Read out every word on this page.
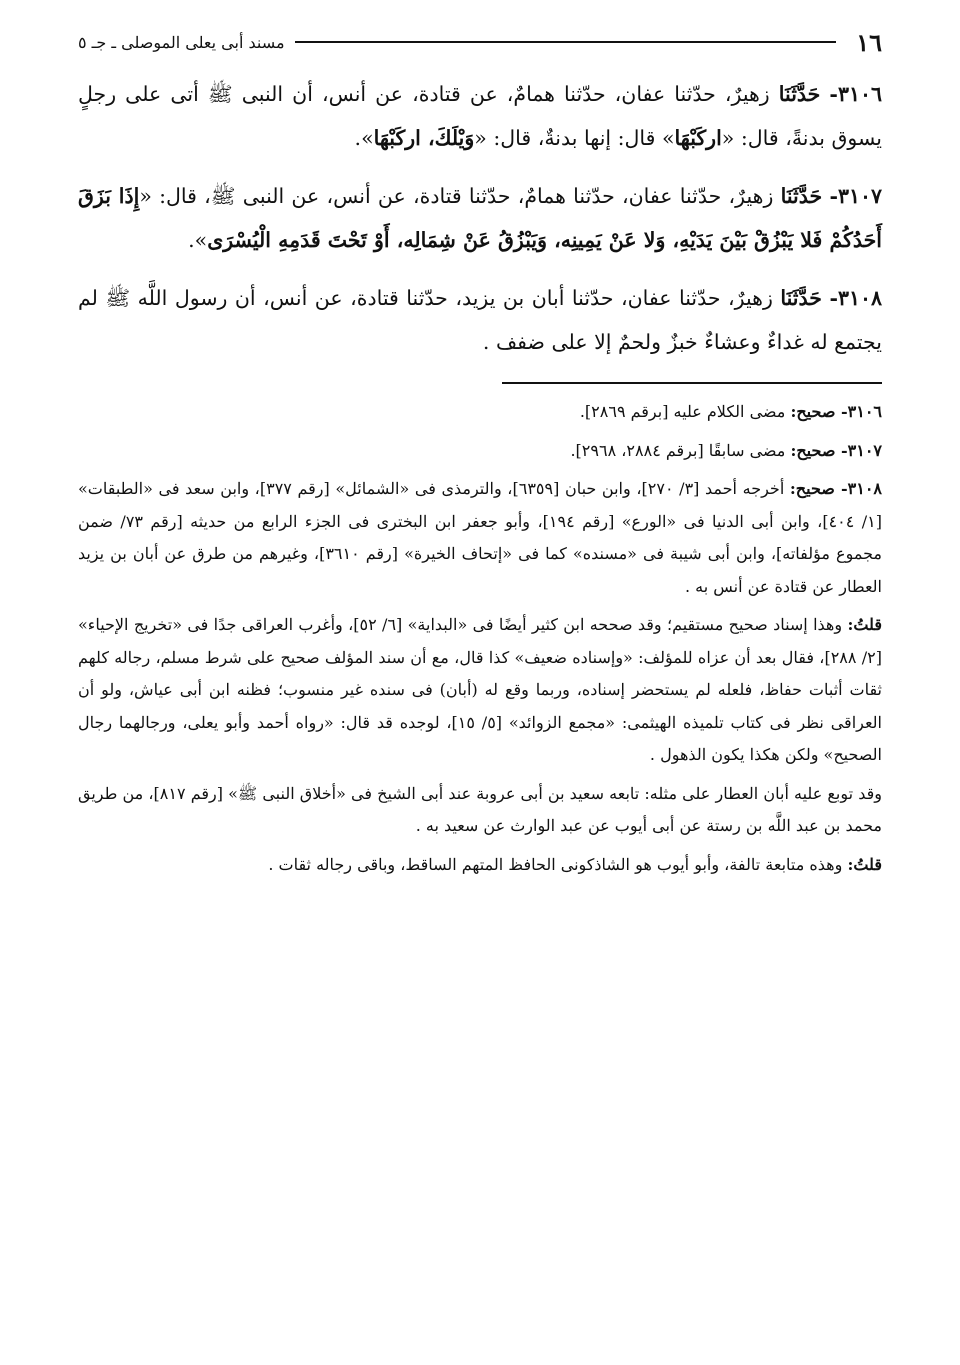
١٦
مسند أبى يعلى الموصلى ـ جـ ٥

٣١٠٦- حَدَّثَنَا زهيرٌ، حدّثنا عفان، حدّثنا همامٌ، عن قتادة، عن أنس، أن النبى ﷺ أتى على رجلٍ يسوق بدنةً، قال: «اركَبْهَا» قال: إنها بدنةٌ، قال: «وَيْلَكَ، اركَبْهَا».

٣١٠٧- حَدَّثَنَا زهيرٌ، حدّثنا عفان، حدّثنا همامٌ، حدّثنا قتادة، عن أنس، عن النبى ﷺ، قال: «إِذَا بَزَقَ أَحَدُكُمْ فَلا يَبْزُقْ بَيْنَ يَدَيْهِ، وَلا عَنْ يَمِينِه، وَيَبْزُقُ عَنْ شِمَالِه، أَوْ تَحْتَ قَدَمِهِ الْيُسْرَى».

٣١٠٨- حَدَّثَنَا زهيرٌ، حدّثنا عفان، حدّثنا أبان بن يزيد، حدّثنا قتادة، عن أنس، أن رسول اللَّه ﷺ لم يجتمع له غداءٌ وعشاءٌ خبزٌ ولحمٌ إلا على ضفف .

٣١٠٦- صحيح: مضى الكلام عليه [برقم ٢٨٦٩].

٣١٠٧- صحيح: مضى سابقًا [برقم ٢٨٨٤، ٢٩٦٨].

٣١٠٨- صحيح: أخرجه أحمد [٣/ ٢٧٠]، وابن حبان [٦٣٥٩]، والترمذى فى «الشمائل» [رقم ٣٧٧]، وابن سعد فى «الطبقات» [١/ ٤٠٤]، وابن أبى الدنيا فى «الورع» [رقم ١٩٤]، وأبو جعفر ابن البخترى فى الجزء الرابع من حديثه [رقم ٧٣/ ضمن مجموع مؤلفاته]، وابن أبى شيبة فى «مسنده» كما فى «إتحاف الخيرة» [رقم ٣٦١٠]، وغيرهم من طرق عن أبان بن يزيد العطار عن قتادة عن أنس به .

قلتُ: وهذا إسناد صحيح مستقيم؛ وقد صححه ابن كثير أيضًا فى «البداية» [٦/ ٥٢]، وأغرب العراقى جدًا فى «تخريج الإحياء» [٢/ ٢٨٨]، فقال بعد أن عزاه للمؤلف: «وإسناده ضعيف» كذا قال، مع أن سند المؤلف صحيح على شرط مسلم، رجاله كلهم ثقات أثبات حفاظ، فلعله لم يستحضر إسناده، وربما وقع له (أبان) فى سنده غير منسوب؛ فظنه ابن أبى عياش، ولو أن العراقى نظر فى كتاب تلميذه الهيثمى: «مجمع الزوائد» [٥/ ١٥]، لوجده قد قال: «رواه أحمد وأبو يعلى، ورجالهما رجال الصحيح» ولكن هكذا يكون الذهول .

وقد توبع عليه أبان العطار على مثله: تابعه سعيد بن أبى عروبة عند أبى الشيخ فى «أخلاق النبى ﷺ» [رقم ٨١٧]، من طريق محمد بن عبد اللَّه بن رستة عن أبى أيوب عن عبد الوارث عن سعيد به .

قلتُ: وهذه متابعة تالفة، وأبو أيوب هو الشاذكونى الحافظ المتهم الساقط، وباقى رجاله ثقات .
